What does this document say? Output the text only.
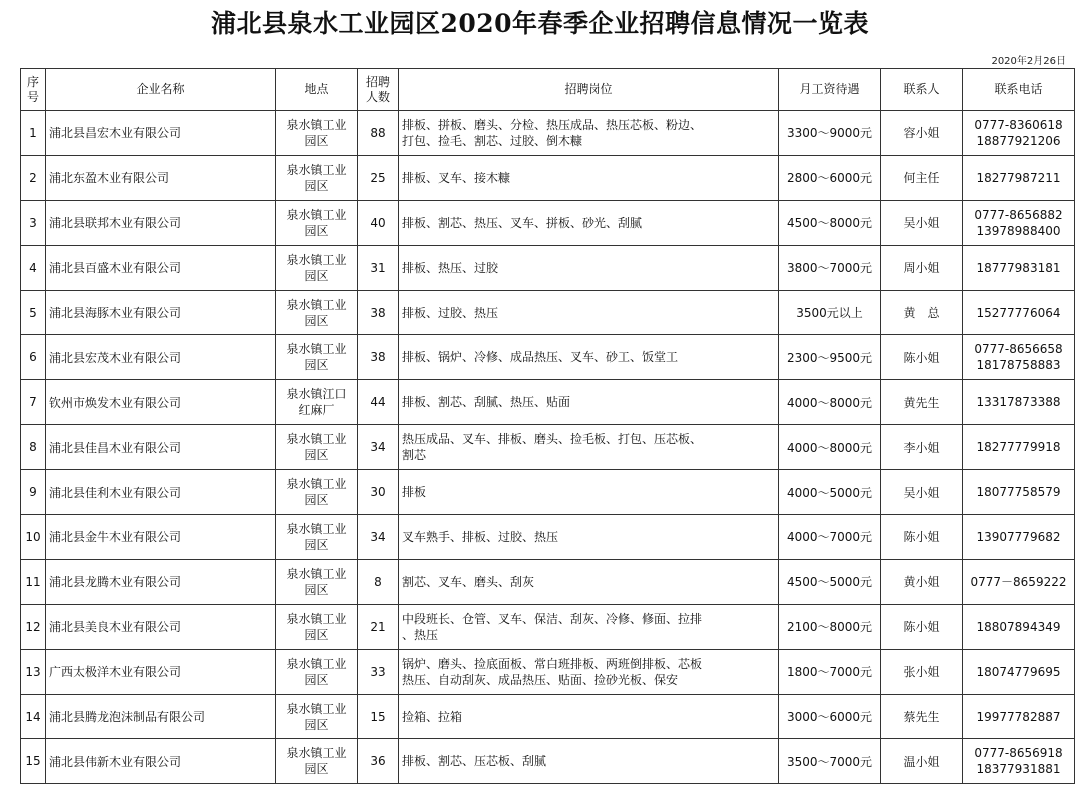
浦北县泉水工业园区2020年春季企业招聘信息情况一览表
2020年2月26日
序
号	企业名称	地点	招聘
人数	招聘岗位	月工资待遇	联系人	联系电话
1	浦北县昌宏木业有限公司	泉水镇工业
园区	88	排板、拼板、磨头、分检、热压成品、热压芯板、粉边、
打包、捡毛、割芯、过胶、倒木糠	3300～9000元	容小姐	0777-8360618
18877921206

2	浦北东盈木业有限公司	泉水镇工业
园区	25	排板、叉车、接木糠	2800～6000元	何主任	18277987211

3	浦北县联邦木业有限公司	泉水镇工业
园区	40	排板、割芯、热压、叉车、拼板、砂光、刮腻	4500～8000元	吴小姐	0777-8656882
13978988400

4	浦北县百盛木业有限公司	泉水镇工业
园区	31	排板、热压、过胶	3800～7000元	周小姐	18777983181

5	浦北县海豚木业有限公司	泉水镇工业
园区	38	排板、过胶、热压	3500元以上	黄　总	15277776064

6	浦北县宏茂木业有限公司	泉水镇工业
园区	38	排板、锅炉、冷修、成品热压、叉车、砂工、饭堂工	2300～9500元	陈小姐	0777-8656658
18178758883

7	钦州市焕发木业有限公司	泉水镇江口
红麻厂	44	排板、割芯、刮腻、热压、贴面	4000～8000元	黄先生	13317873388

8	浦北县佳昌木业有限公司	泉水镇工业
园区	34	热压成品、叉车、排板、磨头、捡毛板、打包、压芯板、
割芯	4000～8000元	李小姐	18277779918

9	浦北县佳利木业有限公司	泉水镇工业
园区	30	排板	4000～5000元	吴小姐	18077758579

10	浦北县金牛木业有限公司	泉水镇工业
园区	34	叉车熟手、排板、过胶、热压	4000～7000元	陈小姐	13907779682

11	浦北县龙腾木业有限公司	泉水镇工业
园区	8	割芯、叉车、磨头、刮灰	4500～5000元	黄小姐	0777－8659222

12	浦北县美良木业有限公司	泉水镇工业
园区	21	中段班长、仓管、叉车、保洁、刮灰、冷修、修面、拉排
、热压	2100～8000元	陈小姐	18807894349

13	广西太极洋木业有限公司	泉水镇工业
园区	33	锅炉、磨头、捡底面板、常白班排板、两班倒排板、芯板
热压、自动刮灰、成品热压、贴面、捡砂光板、保安	1800～7000元	张小姐	18074779695

14	浦北县腾龙泡沫制品有限公司	泉水镇工业
园区	15	捡箱、拉箱	3000～6000元	蔡先生	19977782887

15	浦北县伟新木业有限公司	泉水镇工业
园区	36	排板、割芯、压芯板、刮腻	3500～7000元	温小姐	0777-8656918
18377931881
